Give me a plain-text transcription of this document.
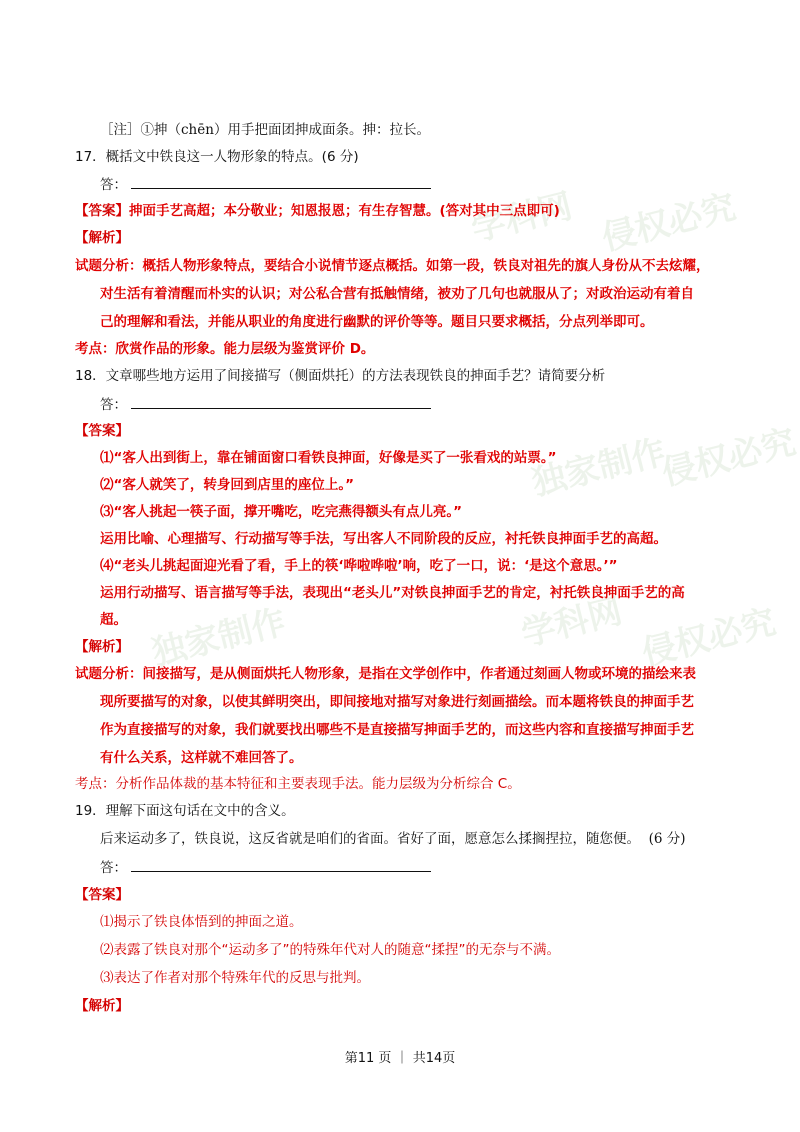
学科网 侵权必究
独家制作
侵权必究
学科网
独家制作	侵权必究
［注］①抻（chēn）用手把面团抻成面条。抻：拉长。
17．概括文中铁良这一人物形象的特点。(6 分)
答：
【答案】抻面手艺高超；本分敬业；知恩报恩；有生存智慧。(答对其中三点即可)
【解析】
试题分析：概括人物形象特点，要结合小说情节逐点概括。如第一段，铁良对祖先的旗人身份从不去炫耀，
对生活有着清醒而朴实的认识；对公私合营有抵触情绪，被劝了几句也就服从了；对政治运动有着自
己的理解和看法，并能从职业的角度进行幽默的评价等等。题目只要求概括，分点列举即可。
考点：欣赏作品的形象。能力层级为鉴赏评价 D。
18．文章哪些地方运用了间接描写（侧面烘托）的方法表现铁良的抻面手艺？请简要分析
答：
【答案】
⑴“客人出到街上，靠在铺面窗口看铁良抻面，好像是买了一张看戏的站票。”
⑵“客人就笑了，转身回到店里的座位上。”
⑶“客人挑起一筷子面，撑开嘴吃，吃完燕得额头有点儿亮。”
运用比喻、心理描写、行动描写等手法，写出客人不同阶段的反应，衬托铁良抻面手艺的高超。
⑷“老头儿挑起面迎光看了看，手上的筷‘哗啦哗啦’响，吃了一口，说：‘是这个意思。’”
运用行动描写、语言描写等手法，表现出“老头儿”对铁良抻面手艺的肯定，衬托铁良抻面手艺的高
超。
【解析】
试题分析：间接描写，是从侧面烘托人物形象，是指在文学创作中，作者通过刻画人物或环境的描绘来表
现所要描写的对象，以使其鲜明突出，即间接地对描写对象进行刻画描绘。而本题将铁良的抻面手艺
作为直接描写的对象，我们就要找出哪些不是直接描写抻面手艺的，而这些内容和直接描写抻面手艺
有什么关系，这样就不难回答了。
考点：分析作品体裁的基本特征和主要表现手法。能力层级为分析综合 C。
19．理解下面这句话在文中的含义。
后来运动多了，铁良说，这反省就是咱们的省面。省好了面，愿意怎么揉搁捏拉，随您便。 (6 分)
答：
【答案】
⑴揭示了铁良体悟到的抻面之道。
⑵表露了铁良对那个“运动多了”的特殊年代对人的随意“揉捏”的无奈与不满。
⑶表达了作者对那个特殊年代的反思与批判。
【解析】
第11 页 ｜ 共14页
